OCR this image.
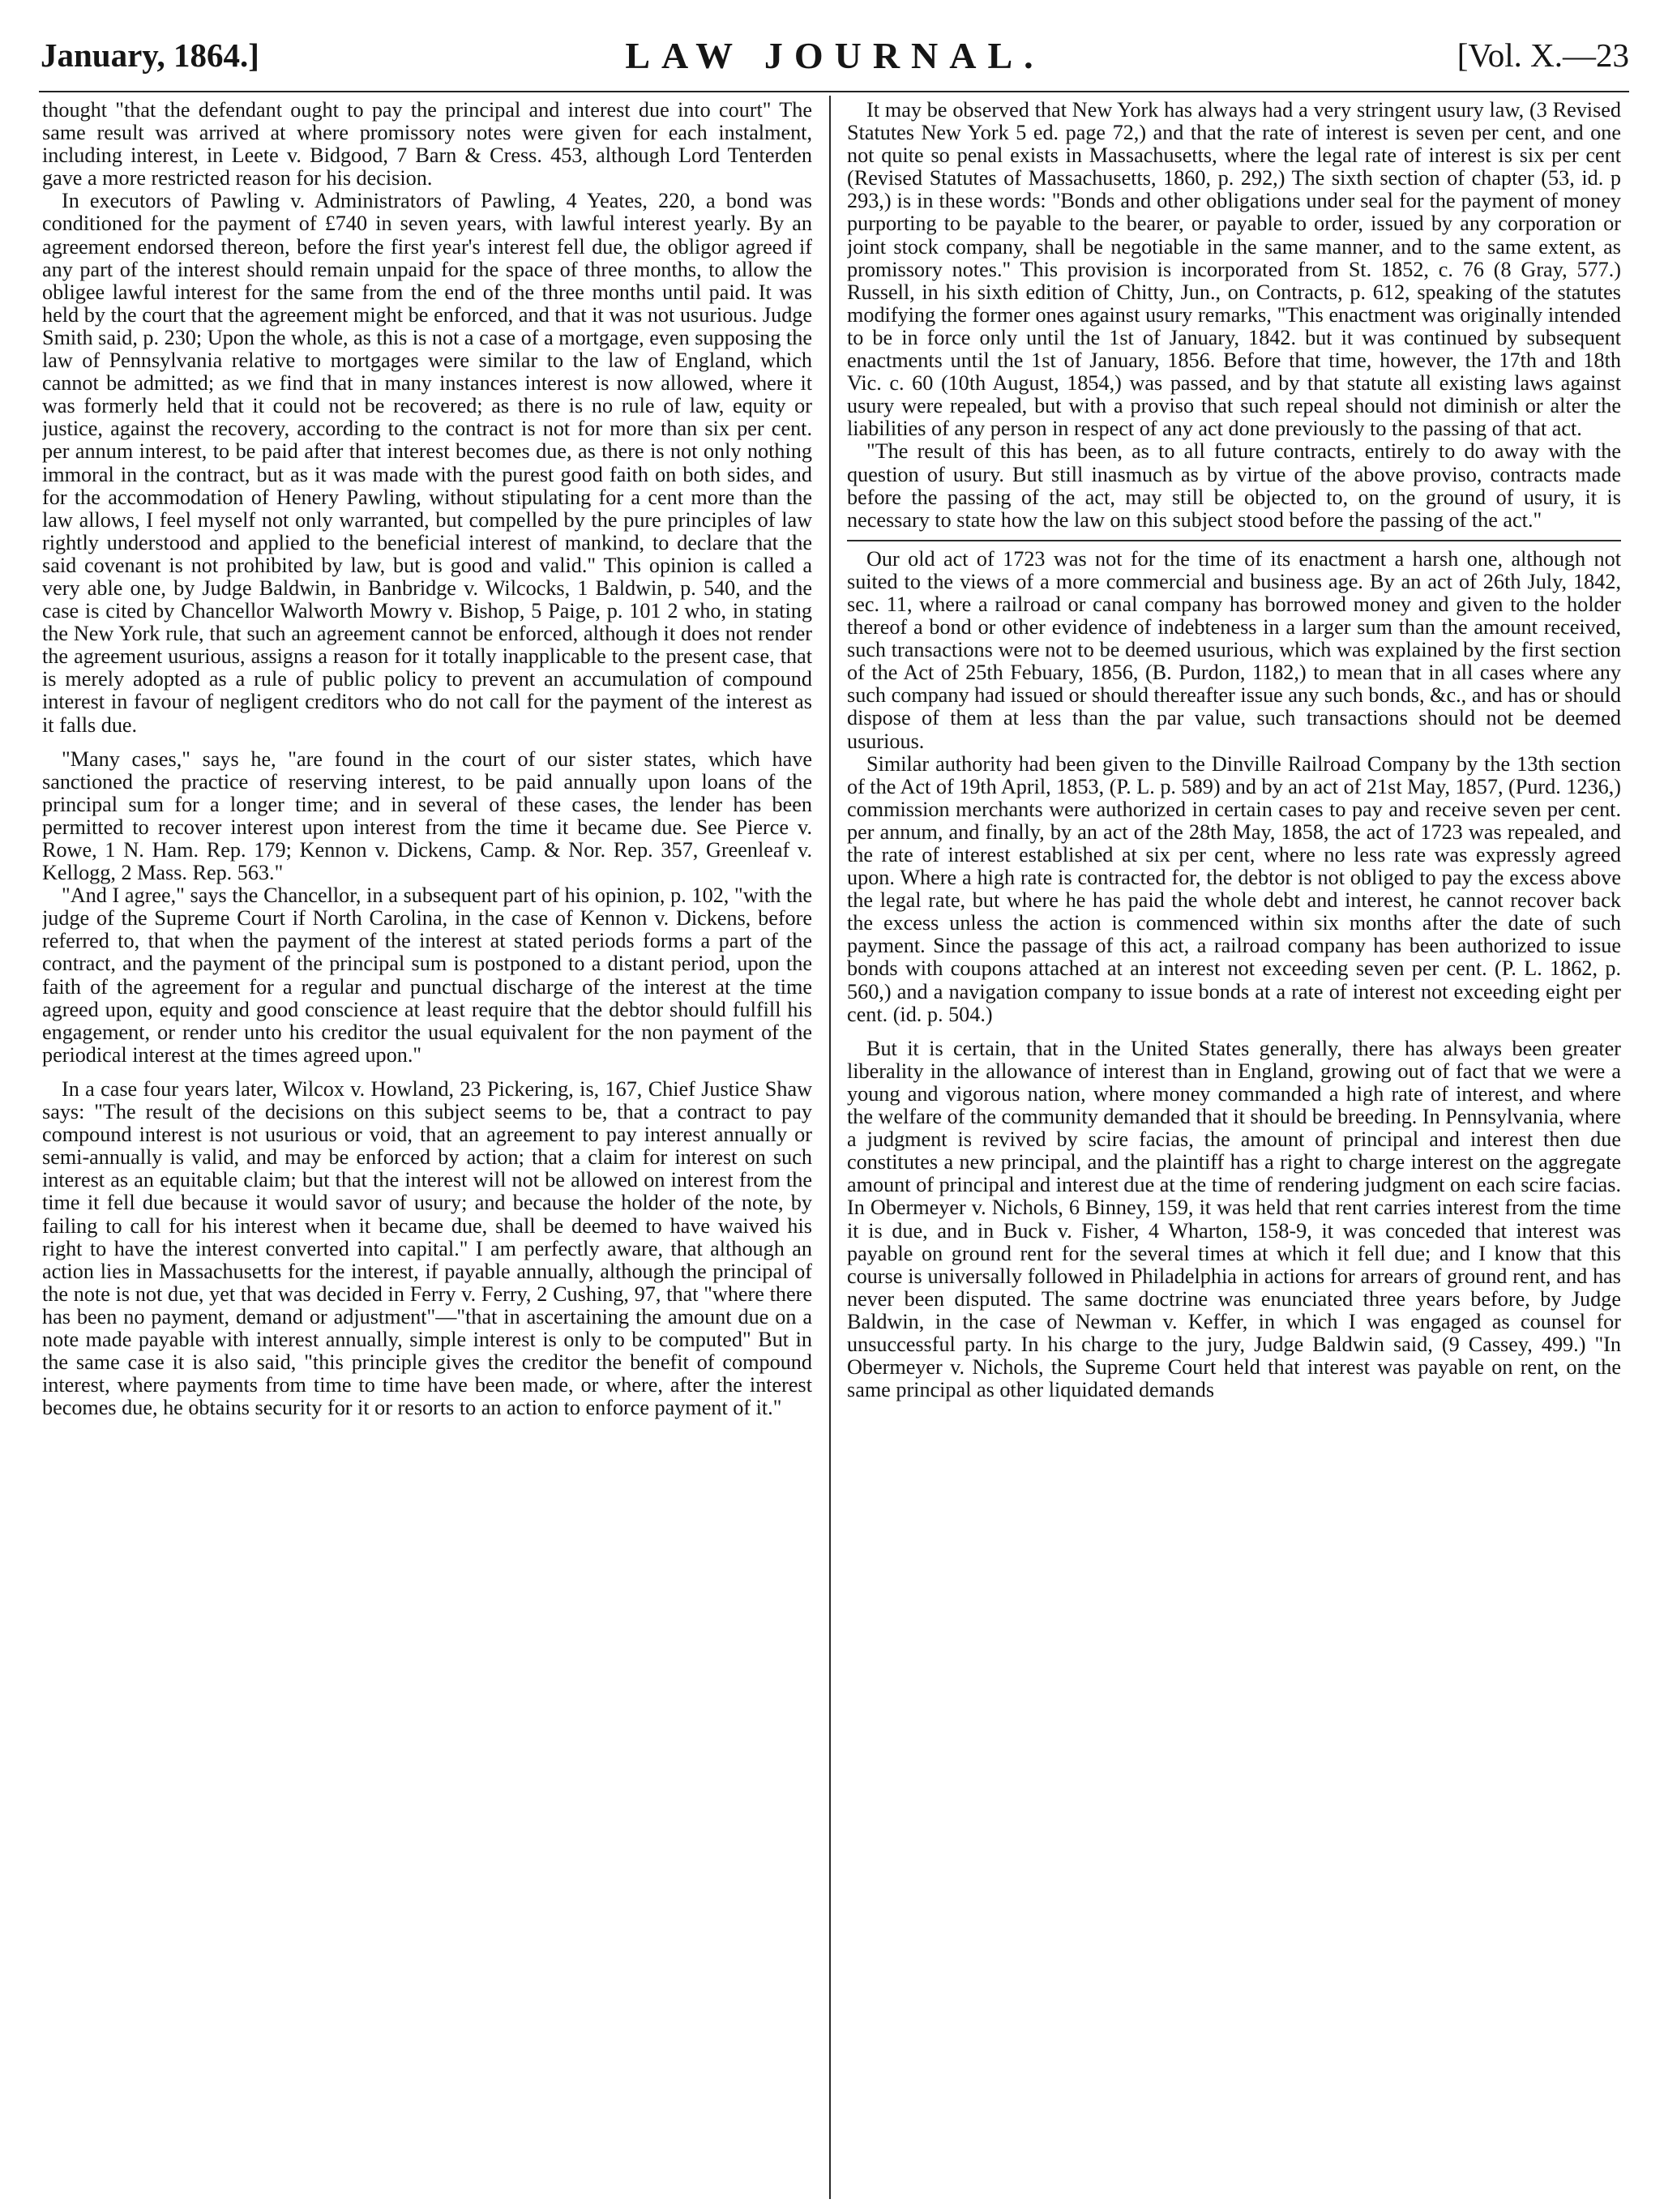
January, 1864.]	LAW JOURNAL.	[Vol. X.—23

thought "that the defendant ought to pay the principal and interest due into court" The same result was arrived at where promissory notes were given for each instalment, including interest, in Leete v. Bidgood, 7 Barn & Cress. 453, although Lord Tenterden gave a more restricted reason for his decision.

In executors of Pawling v. Administrators of Pawling, 4 Yeates, 220, a bond was conditioned for the payment of £740 in seven years, with lawful interest yearly. By an agreement endorsed thereon, before the first year's interest fell due, the obligor agreed if any part of the interest should remain unpaid for the space of three months, to allow the obligee lawful interest for the same from the end of the three months until paid. It was held by the court that the agreement might be enforced, and that it was not usurious. Judge Smith said, p. 230; Upon the whole, as this is not a case of a mortgage, even supposing the law of Pennsylvania relative to mortgages were similar to the law of England, which cannot be admitted; as we find that in many instances interest is now allowed, where it was formerly held that it could not be recovered; as there is no rule of law, equity or justice, against the recovery, according to the contract is not for more than six per cent. per annum interest, to be paid after that interest becomes due, as there is not only nothing immoral in the contract, but as it was made with the purest good faith on both sides, and for the accommodation of Henery Pawling, without stipulating for a cent more than the law allows, I feel myself not only warranted, but compelled by the pure principles of law rightly understood and applied to the beneficial interest of mankind, to declare that the said covenant is not prohibited by law, but is good and valid." This opinion is called a very able one, by Judge Baldwin, in Banbridge v. Wilcocks, 1 Baldwin, p. 540, and the case is cited by Chancellor Walworth Mowry v. Bishop, 5 Paige, p. 101 2 who, in stating the New York rule, that such an agreement cannot be enforced, although it does not render the agreement usurious, assigns a reason for it totally inapplicable to the present case, that is merely adopted as a rule of public policy to prevent an accumulation of compound interest in favour of negligent creditors who do not call for the payment of the interest as it falls due.

"Many cases," says he, "are found in the court of our sister states, which have sanctioned the practice of reserving interest, to be paid annually upon loans of the principal sum for a longer time; and in several of these cases, the lender has been permitted to recover interest upon interest from the time it became due. See Pierce v. Rowe, 1 N. Ham. Rep. 179; Kennon v. Dickens, Camp. & Nor. Rep. 357, Greenleaf v. Kellogg, 2 Mass. Rep. 563."

"And I agree," says the Chancellor, in a subsequent part of his opinion, p. 102, "with the judge of the Supreme Court if North Carolina, in the case of Kennon v. Dickens, before referred to, that when the payment of the interest at stated periods forms a part of the contract, and the payment of the principal sum is postponed to a distant period, upon the faith of the agreement for a regular and punctual discharge of the interest at the time agreed upon, equity and good conscience at least require that the debtor should fulfill his engagement, or render unto his creditor the usual equivalent for the non payment of the periodical interest at the times agreed upon."

In a case four years later, Wilcox v. Howland, 23 Pickering, is, 167, Chief Justice Shaw says: "The result of the decisions on this subject seems to be, that a contract to pay compound interest is not usurious or void, that an agreement to pay interest annually or semi-annually is valid, and may be enforced by action; that a claim for interest on such interest as an equitable claim; but that the interest will not be allowed on interest from the time it fell due because it would savor of usury; and because the holder of the note, by failing to call for his interest when it became due, shall be deemed to have waived his right to have the interest converted into capital." I am perfectly aware, that although an action lies in Massachusetts for the interest, if payable annually, although the principal of the note is not due, yet that was decided in Ferry v. Ferry, 2 Cushing, 97, that "where there has been no payment, demand or adjustment"—"that in ascertaining the amount due on a note made payable with interest annually, simple interest is only to be computed" But in the same case it is also said, "this principle gives the creditor the benefit of compound interest, where payments from time to time have been made, or where, after the interest becomes due, he obtains security for it or resorts to an action to enforce payment of it."

It may be observed that New York has always had a very stringent usury law, (3 Revised Statutes New York 5 ed. page 72,) and that the rate of interest is seven per cent, and one not quite so penal exists in Massachusetts, where the legal rate of interest is six per cent (Revised Statutes of Massachusetts, 1860, p. 292,) The sixth section of chapter (53, id. p 293,) is in these words: "Bonds and other obligations under seal for the payment of money purporting to be payable to the bearer, or payable to order, issued by any corporation or joint stock company, shall be negotiable in the same manner, and to the same extent, as promissory notes." This provision is incorporated from St. 1852, c. 76 (8 Gray, 577.) Russell, in his sixth edition of Chitty, Jun., on Contracts, p. 612, speaking of the statutes modifying the former ones against usury remarks, "This enactment was originally intended to be in force only until the 1st of January, 1842. but it was continued by subsequent enactments until the 1st of January, 1856. Before that time, however, the 17th and 18th Vic. c. 60 (10th August, 1854,) was passed, and by that statute all existing laws against usury were repealed, but with a proviso that such repeal should not diminish or alter the liabilities of any person in respect of any act done previously to the passing of that act.

"The result of this has been, as to all future contracts, entirely to do away with the question of usury. But still inasmuch as by virtue of the above proviso, contracts made before the passing of the act, may still be objected to, on the ground of usury, it is necessary to state how the law on this subject stood before the passing of the act."

Our old act of 1723 was not for the time of its enactment a harsh one, although not suited to the views of a more commercial and business age. By an act of 26th July, 1842, sec. 11, where a railroad or canal company has borrowed money and given to the holder thereof a bond or other evidence of indebteness in a larger sum than the amount received, such transactions were not to be deemed usurious, which was explained by the first section of the Act of 25th Febuary, 1856, (B. Purdon, 1182,) to mean that in all cases where any such company had issued or should thereafter issue any such bonds, &c., and has or should dispose of them at less than the par value, such transactions should not be deemed usurious.

Similar authority had been given to the Dinville Railroad Company by the 13th section of the Act of 19th April, 1853, (P. L. p. 589) and by an act of 21st May, 1857, (Purd. 1236,) commission merchants were authorized in certain cases to pay and receive seven per cent. per annum, and finally, by an act of the 28th May, 1858, the act of 1723 was repealed, and the rate of interest established at six per cent, where no less rate was expressly agreed upon. Where a high rate is contracted for, the debtor is not obliged to pay the excess above the legal rate, but where he has paid the whole debt and interest, he cannot recover back the excess unless the action is commenced within six months after the date of such payment. Since the passage of this act, a railroad company has been authorized to issue bonds with coupons attached at an interest not exceeding seven per cent. (P. L. 1862, p. 560,) and a navigation company to issue bonds at a rate of interest not exceeding eight per cent. (id. p. 504.)

But it is certain, that in the United States generally, there has always been greater liberality in the allowance of interest than in England, growing out of fact that we were a young and vigorous nation, where money commanded a high rate of interest, and where the welfare of the community demanded that it should be breeding. In Pennsylvania, where a judgment is revived by scire facias, the amount of principal and interest then due constitutes a new principal, and the plaintiff has a right to charge interest on the aggregate amount of principal and interest due at the time of rendering judgment on each scire facias. In Obermeyer v. Nichols, 6 Binney, 159, it was held that rent carries interest from the time it is due, and in Buck v. Fisher, 4 Wharton, 158-9, it was conceded that interest was payable on ground rent for the several times at which it fell due; and I know that this course is universally followed in Philadelphia in actions for arrears of ground rent, and has never been disputed. The same doctrine was enunciated three years before, by Judge Baldwin, in the case of Newman v. Keffer, in which I was engaged as counsel for unsuccessful party. In his charge to the jury, Judge Baldwin said, (9 Cassey, 499.) "In Obermeyer v. Nichols, the Supreme Court held that interest was payable on rent, on the same principal as other liquidated demands
